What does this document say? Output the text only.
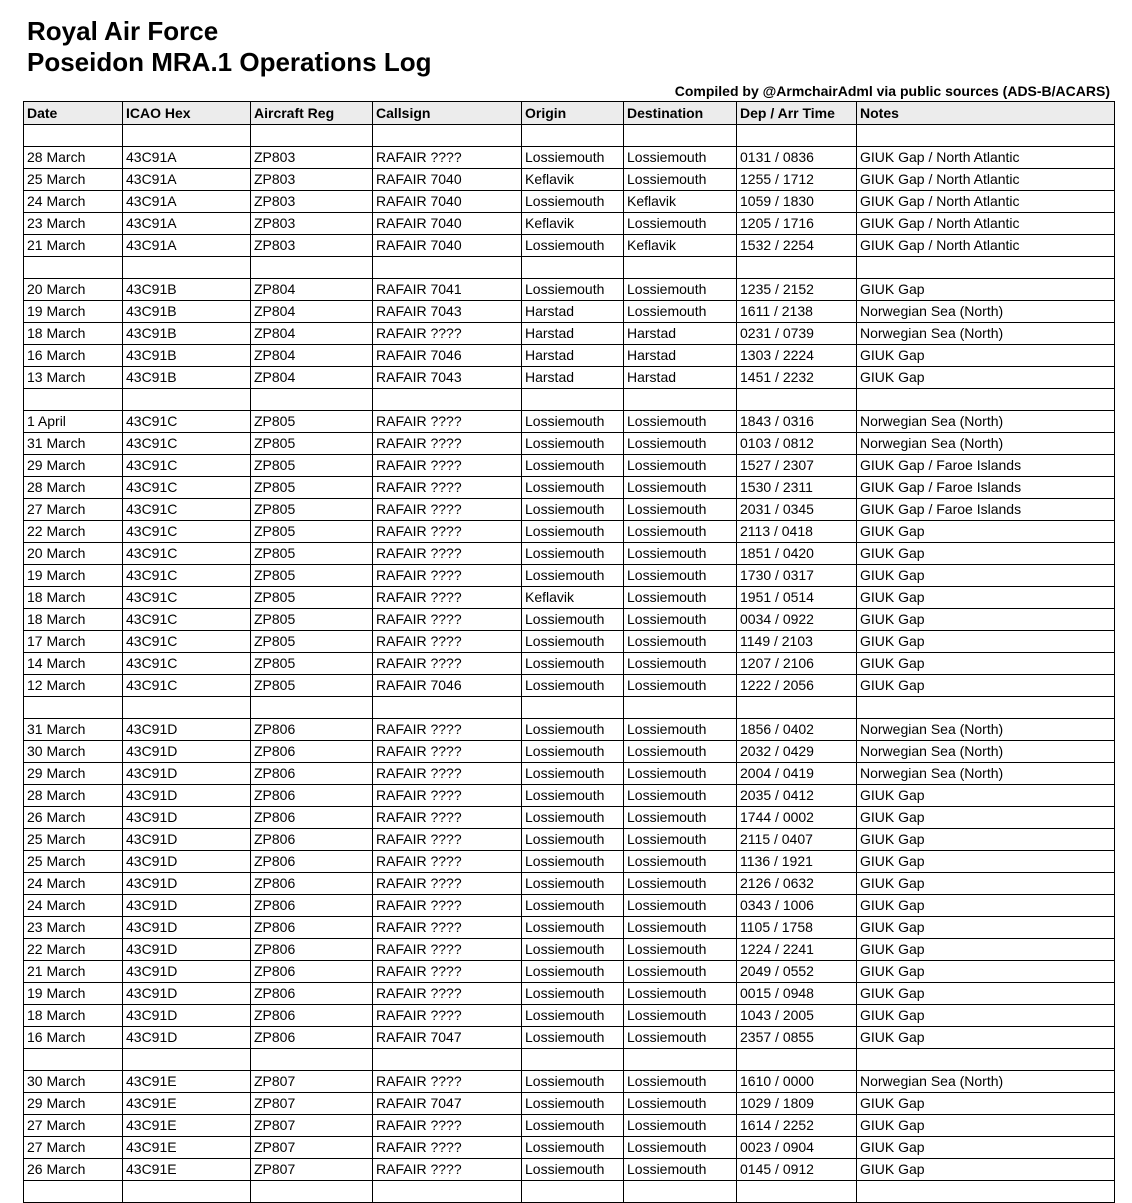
Royal Air Force
Poseidon MRA.1 Operations Log

Compiled by @ArmchairAdml via public sources (ADS-B/ACARS)

Date	ICAO Hex	Aircraft Reg	Callsign	Origin	Destination	Dep / Arr Time	Notes

28 March	43C91A	ZP803	RAFAIR ????	Lossiemouth	Lossiemouth	0131 / 0836	GIUK Gap / North Atlantic
25 March	43C91A	ZP803	RAFAIR 7040	Keflavik	Lossiemouth	1255 / 1712	GIUK Gap / North Atlantic
24 March	43C91A	ZP803	RAFAIR 7040	Lossiemouth	Keflavik	1059 / 1830	GIUK Gap / North Atlantic
23 March	43C91A	ZP803	RAFAIR 7040	Keflavik	Lossiemouth	1205 / 1716	GIUK Gap / North Atlantic
21 March	43C91A	ZP803	RAFAIR 7040	Lossiemouth	Keflavik	1532 / 2254	GIUK Gap / North Atlantic

20 March	43C91B	ZP804	RAFAIR 7041	Lossiemouth	Lossiemouth	1235 / 2152	GIUK Gap
19 March	43C91B	ZP804	RAFAIR 7043	Harstad	Lossiemouth	1611 / 2138	Norwegian Sea (North)
18 March	43C91B	ZP804	RAFAIR ????	Harstad	Harstad	0231 / 0739	Norwegian Sea (North)
16 March	43C91B	ZP804	RAFAIR 7046	Harstad	Harstad	1303 / 2224	GIUK Gap
13 March	43C91B	ZP804	RAFAIR 7043	Harstad	Harstad	1451 / 2232	GIUK Gap

1 April	43C91C	ZP805	RAFAIR ????	Lossiemouth	Lossiemouth	1843 / 0316	Norwegian Sea (North)
31 March	43C91C	ZP805	RAFAIR ????	Lossiemouth	Lossiemouth	0103 / 0812	Norwegian Sea (North)
29 March	43C91C	ZP805	RAFAIR ????	Lossiemouth	Lossiemouth	1527 / 2307	GIUK Gap / Faroe Islands
28 March	43C91C	ZP805	RAFAIR ????	Lossiemouth	Lossiemouth	1530 / 2311	GIUK Gap / Faroe Islands
27 March	43C91C	ZP805	RAFAIR ????	Lossiemouth	Lossiemouth	2031 / 0345	GIUK Gap / Faroe Islands
22 March	43C91C	ZP805	RAFAIR ????	Lossiemouth	Lossiemouth	2113 / 0418	GIUK Gap
20 March	43C91C	ZP805	RAFAIR ????	Lossiemouth	Lossiemouth	1851 / 0420	GIUK Gap
19 March	43C91C	ZP805	RAFAIR ????	Lossiemouth	Lossiemouth	1730 / 0317	GIUK Gap
18 March	43C91C	ZP805	RAFAIR ????	Keflavik	Lossiemouth	1951 / 0514	GIUK Gap
18 March	43C91C	ZP805	RAFAIR ????	Lossiemouth	Lossiemouth	0034 / 0922	GIUK Gap
17 March	43C91C	ZP805	RAFAIR ????	Lossiemouth	Lossiemouth	1149 / 2103	GIUK Gap
14 March	43C91C	ZP805	RAFAIR ????	Lossiemouth	Lossiemouth	1207 / 2106	GIUK Gap
12 March	43C91C	ZP805	RAFAIR 7046	Lossiemouth	Lossiemouth	1222 / 2056	GIUK Gap

31 March	43C91D	ZP806	RAFAIR ????	Lossiemouth	Lossiemouth	1856 / 0402	Norwegian Sea (North)
30 March	43C91D	ZP806	RAFAIR ????	Lossiemouth	Lossiemouth	2032 / 0429	Norwegian Sea (North)
29 March	43C91D	ZP806	RAFAIR ????	Lossiemouth	Lossiemouth	2004 / 0419	Norwegian Sea (North)
28 March	43C91D	ZP806	RAFAIR ????	Lossiemouth	Lossiemouth	2035 / 0412	GIUK Gap
26 March	43C91D	ZP806	RAFAIR ????	Lossiemouth	Lossiemouth	1744 / 0002	GIUK Gap
25 March	43C91D	ZP806	RAFAIR ????	Lossiemouth	Lossiemouth	2115 / 0407	GIUK Gap
25 March	43C91D	ZP806	RAFAIR ????	Lossiemouth	Lossiemouth	1136 / 1921	GIUK Gap
24 March	43C91D	ZP806	RAFAIR ????	Lossiemouth	Lossiemouth	2126 / 0632	GIUK Gap
24 March	43C91D	ZP806	RAFAIR ????	Lossiemouth	Lossiemouth	0343 / 1006	GIUK Gap
23 March	43C91D	ZP806	RAFAIR ????	Lossiemouth	Lossiemouth	1105 / 1758	GIUK Gap
22 March	43C91D	ZP806	RAFAIR ????	Lossiemouth	Lossiemouth	1224 / 2241	GIUK Gap
21 March	43C91D	ZP806	RAFAIR ????	Lossiemouth	Lossiemouth	2049 / 0552	GIUK Gap
19 March	43C91D	ZP806	RAFAIR ????	Lossiemouth	Lossiemouth	0015 / 0948	GIUK Gap
18 March	43C91D	ZP806	RAFAIR ????	Lossiemouth	Lossiemouth	1043 / 2005	GIUK Gap
16 March	43C91D	ZP806	RAFAIR 7047	Lossiemouth	Lossiemouth	2357 / 0855	GIUK Gap

30 March	43C91E	ZP807	RAFAIR ????	Lossiemouth	Lossiemouth	1610 / 0000	Norwegian Sea (North)
29 March	43C91E	ZP807	RAFAIR 7047	Lossiemouth	Lossiemouth	1029 / 1809	GIUK Gap
27 March	43C91E	ZP807	RAFAIR ????	Lossiemouth	Lossiemouth	1614 / 2252	GIUK Gap
27 March	43C91E	ZP807	RAFAIR ????	Lossiemouth	Lossiemouth	0023 / 0904	GIUK Gap
26 March	43C91E	ZP807	RAFAIR ????	Lossiemouth	Lossiemouth	0145 / 0912	GIUK Gap
